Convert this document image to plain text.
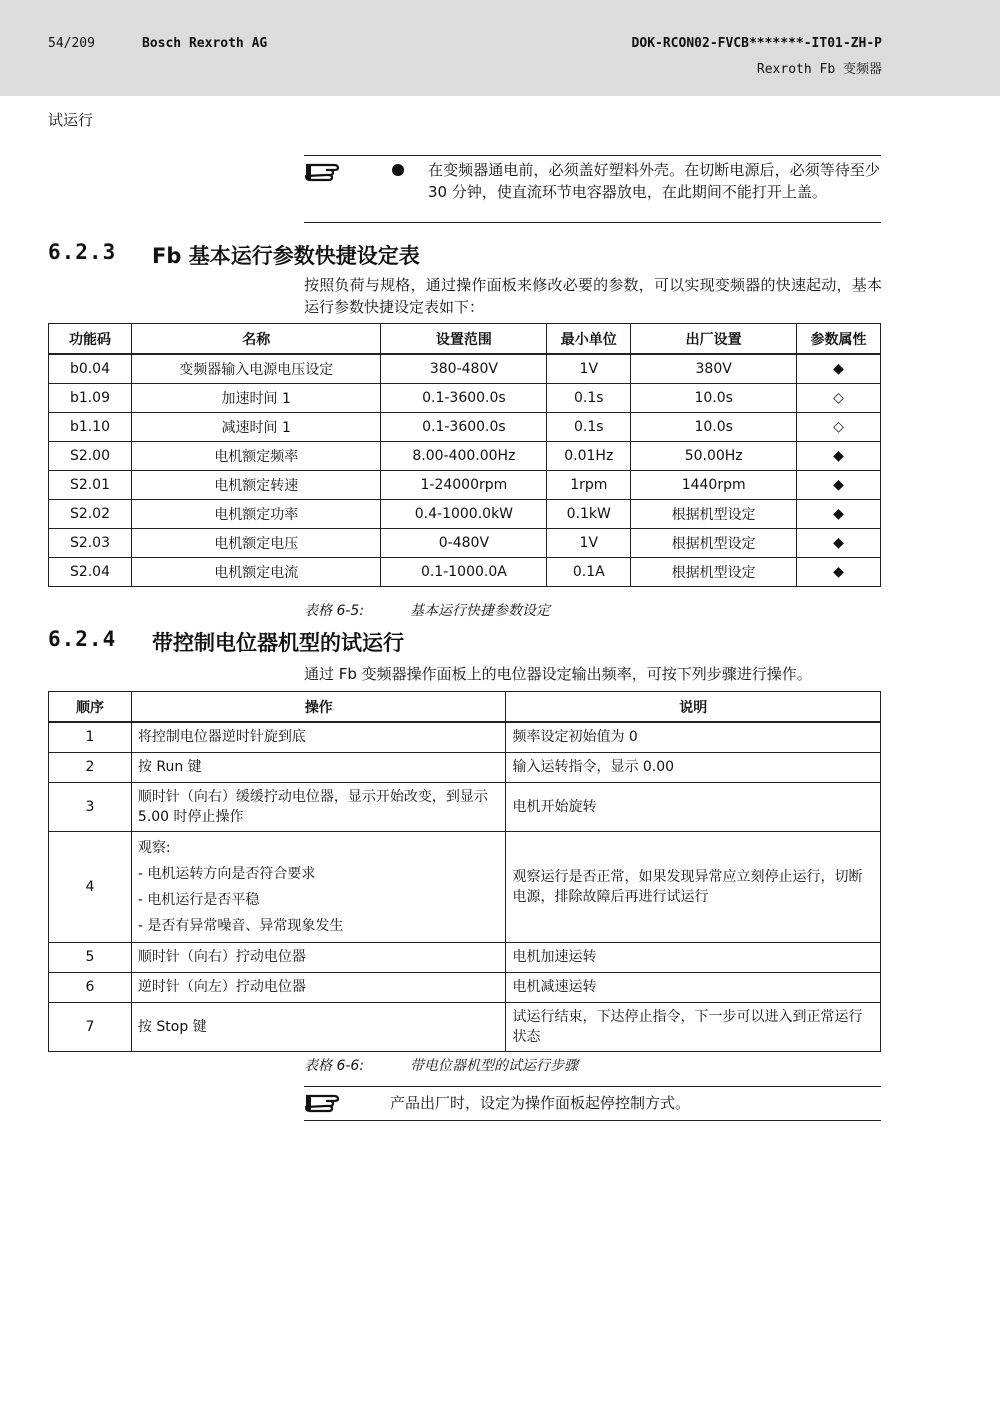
54/209	Bosch Rexroth AG	DOK-RCON02-FVCB*******-IT01-ZH-P
Rexroth Fb 变频器
试运行
在变频器通电前，必须盖好塑料外壳。在切断电源后，必须等待至少 30 分钟，使直流环节电容器放电，在此期间不能打开上盖。
6.2.3 Fb 基本运行参数快捷设定表
按照负荷与规格，通过操作面板来修改必要的参数，可以实现变频器的快速起动，基本运行参数快捷设定表如下：
功能码	名称	设置范围	最小单位	出厂设置	参数属性
b0.04	变频器输入电源电压设定	380-480V	1V	380V	◆
b1.09	加速时间 1	0.1-3600.0s	0.1s	10.0s	◇
b1.10	减速时间 1	0.1-3600.0s	0.1s	10.0s	◇
S2.00	电机额定频率	8.00-400.00Hz	0.01Hz	50.00Hz	◆
S2.01	电机额定转速	1-24000rpm	1rpm	1440rpm	◆
S2.02	电机额定功率	0.4-1000.0kW	0.1kW	根据机型设定	◆
S2.03	电机额定电压	0-480V	1V	根据机型设定	◆
S2.04	电机额定电流	0.1-1000.0A	0.1A	根据机型设定	◆
表格 6-5:	基本运行快捷参数设定
6.2.4 带控制电位器机型的试运行
通过 Fb 变频器操作面板上的电位器设定输出频率，可按下列步骤进行操作。
顺序	操作	说明
1	将控制电位器逆时针旋到底	频率设定初始值为 0
2	按 Run 键	输入运转指令，显示 0.00
3	顺时针（向右）缓缓拧动电位器，显示开始改变，到显示 5.00 时停止操作	电机开始旋转
4	观察:
- 电机运转方向是否符合要求
- 电机运行是否平稳
- 是否有异常噪音、异常现象发生	观察运行是否正常，如果发现异常应立刻停止运行，切断电源，排除故障后再进行试运行
5	顺时针（向右）拧动电位器	电机加速运转
6	逆时针（向左）拧动电位器	电机减速运转
7	按 Stop 键	试运行结束，下达停止指令，下一步可以进入到正常运行状态
表格 6-6:	带电位器机型的试运行步骤
产品出厂时，设定为操作面板起停控制方式。
